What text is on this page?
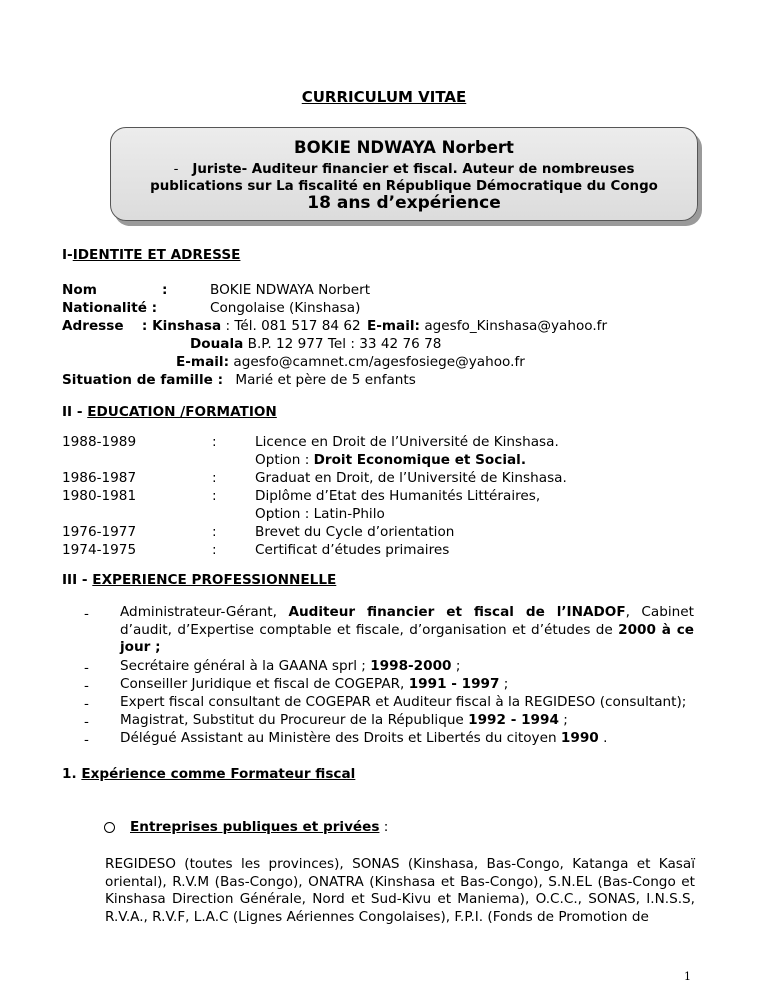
CURRICULUM VITAE
BOKIE NDWAYA Norbert
- Juriste- Auditeur financier et fiscal. Auteur de nombreuses
publications sur La fiscalité en République Démocratique du Congo
18 ans d’expérience
I-IDENTITE ET ADRESSE
Nom	:	BOKIE NDWAYA Norbert
Nationalité :	Congolaise (Kinshasa)
Adresse : Kinshasa : Tél. 081 517 84 62 E-mail: agesfo_Kinshasa@yahoo.fr
Douala B.P. 12 977 Tel : 33 42 76 78
E-mail: agesfo@camnet.cm/agesfosiege@yahoo.fr
Situation de famille : Marié et père de 5 enfants
II - EDUCATION /FORMATION
1988-1989	:	Licence en Droit de l’Université de Kinshasa.
Option : Droit Economique et Social.
1986-1987	:	Graduat en Droit, de l’Université de Kinshasa.
1980-1981	:	Diplôme d’Etat des Humanités Littéraires,
Option : Latin-Philo
1976-1977	:	Brevet du Cycle d’orientation
1974-1975	:	Certificat d’études primaires
III - EXPERIENCE PROFESSIONNELLE
- Administrateur-Gérant, Auditeur financier et fiscal de l’INADOF, Cabinet d’audit, d’Expertise comptable et fiscale, d’organisation et d’études de 2000 à ce jour ;
- Secrétaire général à la GAANA sprl ; 1998-2000 ;
- Conseiller Juridique et fiscal de COGEPAR, 1991 - 1997 ;
- Expert fiscal consultant de COGEPAR et Auditeur fiscal à la REGIDESO (consultant);
- Magistrat, Substitut du Procureur de la République 1992 - 1994 ;
- Délégué Assistant au Ministère des Droits et Libertés du citoyen 1990 .
1. Expérience comme Formateur fiscal
Entreprises publiques et privées :
REGIDESO (toutes les provinces), SONAS (Kinshasa, Bas-Congo, Katanga et Kasaï oriental), R.V.M (Bas-Congo), ONATRA (Kinshasa et Bas-Congo), S.N.EL (Bas-Congo et Kinshasa Direction Générale, Nord et Sud-Kivu et Maniema), O.C.C., SONAS, I.N.S.S, R.V.A., R.V.F, L.A.C (Lignes Aériennes Congolaises), F.P.I. (Fonds de Promotion de
1
